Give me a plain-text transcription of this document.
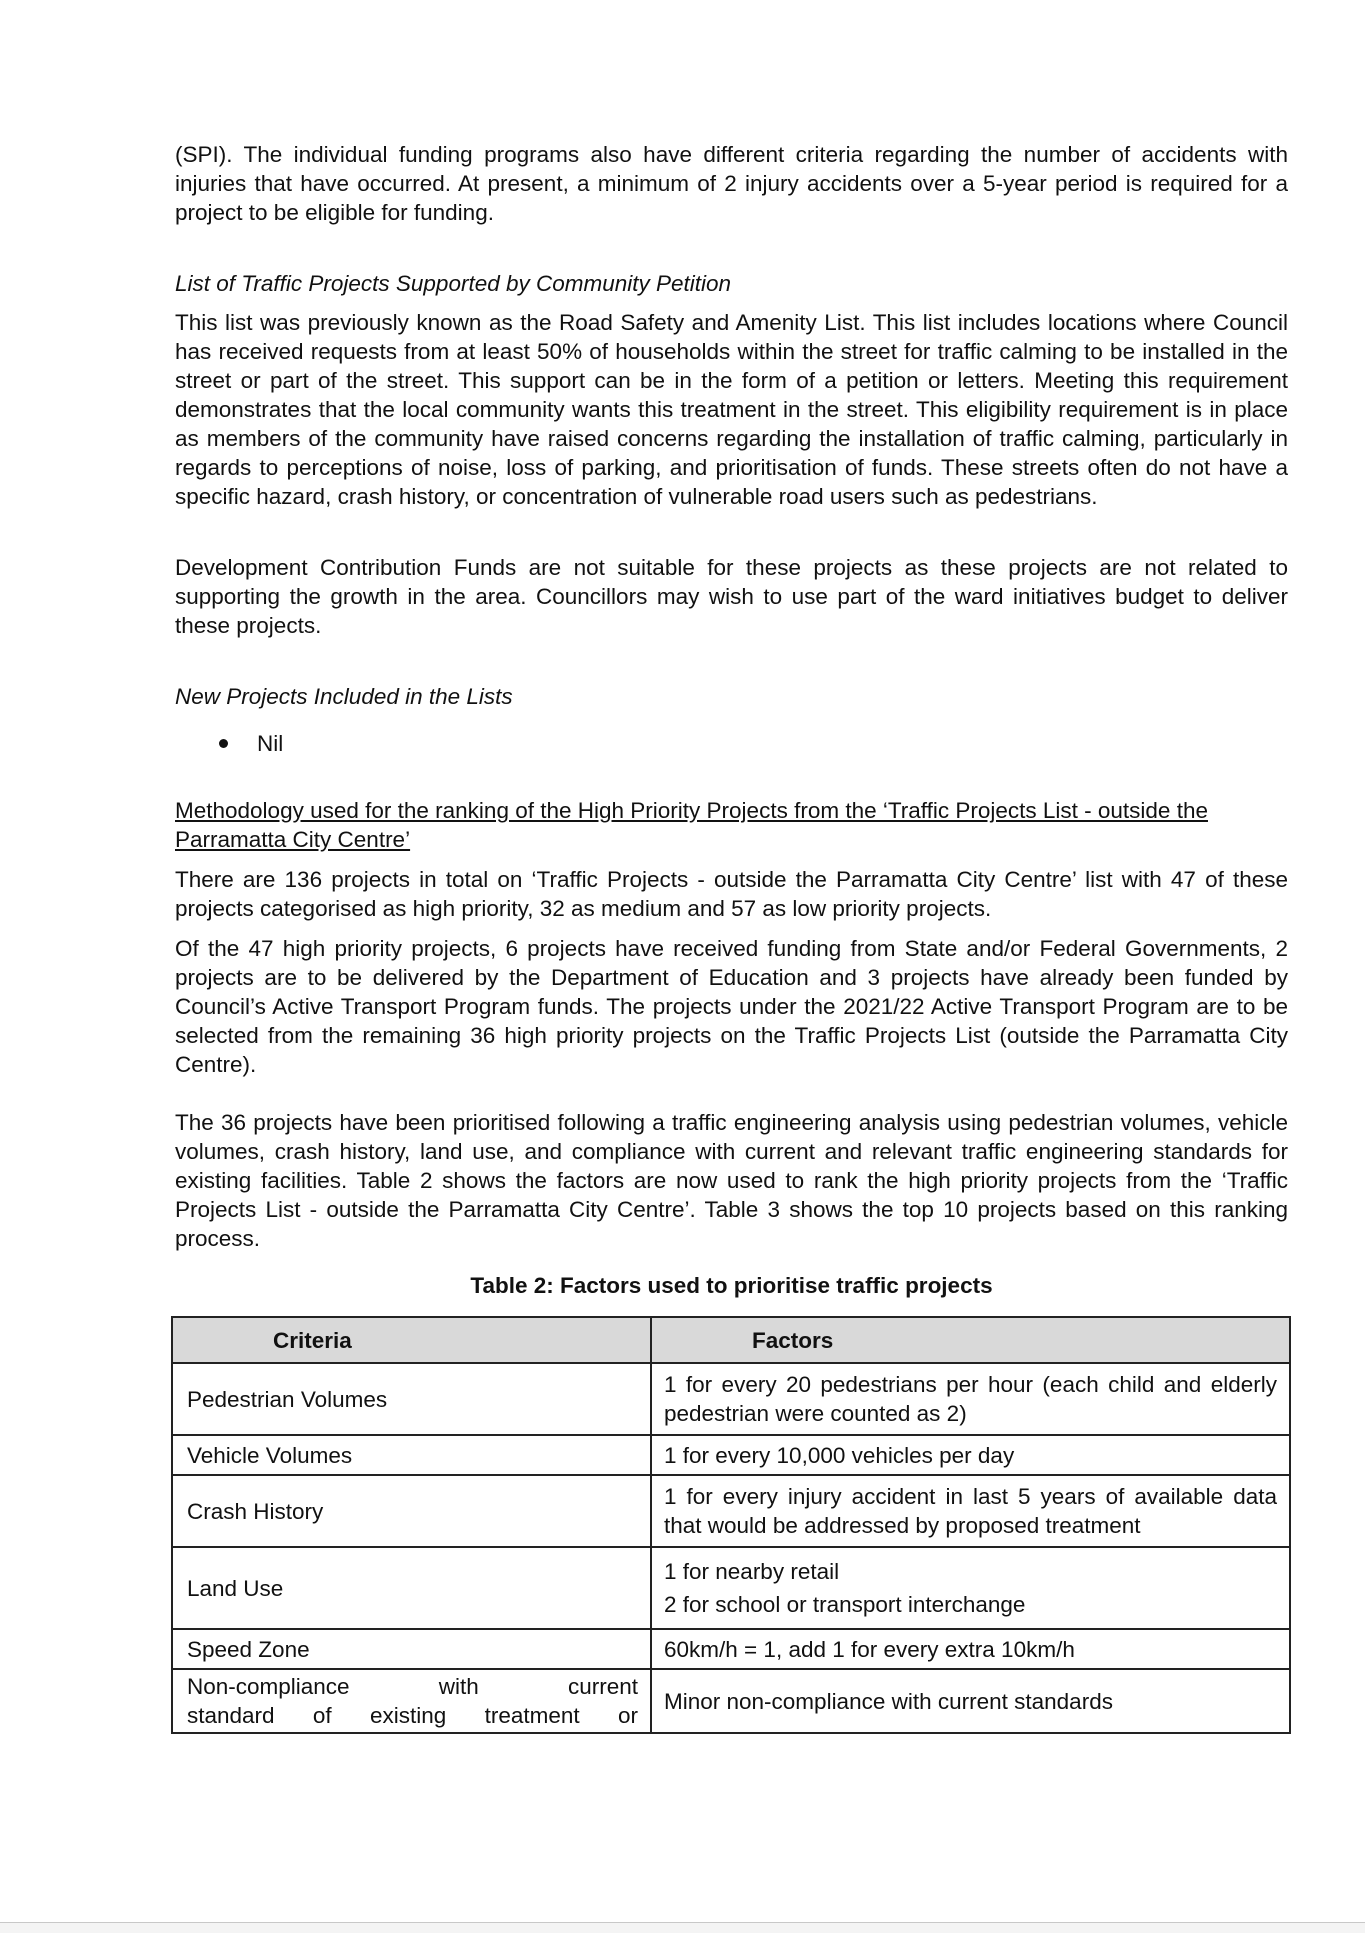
(SPI). The individual funding programs also have different criteria regarding the number of accidents with injuries that have occurred. At present, a minimum of 2 injury accidents over a 5-year period is required for a project to be eligible for funding.

List of Traffic Projects Supported by Community Petition

This list was previously known as the Road Safety and Amenity List. This list includes locations where Council has received requests from at least 50% of households within the street for traffic calming to be installed in the street or part of the street. This support can be in the form of a petition or letters. Meeting this requirement demonstrates that the local community wants this treatment in the street. This eligibility requirement is in place as members of the community have raised concerns regarding the installation of traffic calming, particularly in regards to perceptions of noise, loss of parking, and prioritisation of funds. These streets often do not have a specific hazard, crash history, or concentration of vulnerable road users such as pedestrians.

Development Contribution Funds are not suitable for these projects as these projects are not related to supporting the growth in the area. Councillors may wish to use part of the ward initiatives budget to deliver these projects.

New Projects Included in the Lists

Nil

Methodology used for the ranking of the High Priority Projects from the ‘Traffic Projects List - outside the Parramatta City Centre’

There are 136 projects in total on ‘Traffic Projects - outside the Parramatta City Centre’ list with 47 of these projects categorised as high priority, 32 as medium and 57 as low priority projects.

Of the 47 high priority projects, 6 projects have received funding from State and/or Federal Governments, 2 projects are to be delivered by the Department of Education and 3 projects have already been funded by Council’s Active Transport Program funds. The projects under the 2021/22 Active Transport Program are to be selected from the remaining 36 high priority projects on the Traffic Projects List (outside the Parramatta City Centre).

The 36 projects have been prioritised following a traffic engineering analysis using pedestrian volumes, vehicle volumes, crash history, land use, and compliance with current and relevant traffic engineering standards for existing facilities. Table 2 shows the factors are now used to rank the high priority projects from the ‘Traffic Projects List - outside the Parramatta City Centre’. Table 3 shows the top 10 projects based on this ranking process.

Table 2: Factors used to prioritise traffic projects
Criteria	Factors
Pedestrian Volumes	1 for every 20 pedestrians per hour (each child and elderly pedestrian were counted as 2)
Vehicle Volumes	1 for every 10,000 vehicles per day
Crash History	1 for every injury accident in last 5 years of available data that would be addressed by proposed treatment
Land Use	1 for nearby retail
2 for school or transport interchange

Speed Zone	60km/h = 1, add 1 for every extra 10km/h

Non-compliance with current
standard of existing treatment or	Minor non-compliance with current standards
